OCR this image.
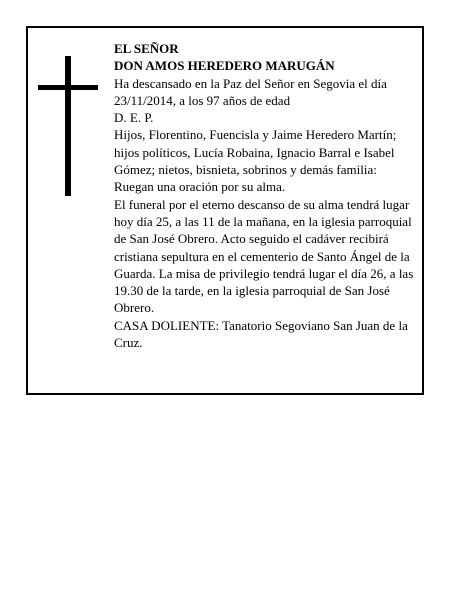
EL SEÑOR

DON AMOS HEREDERO MARUGÁN

Ha descansado en la Paz del Señor en Segovia el día 23/11/2014, a los 97 años de edad

D. E. P.

Hijos, Florentino, Fuencisla y Jaime Heredero Martín; hijos políticos, Lucía Robaina, Ignacio Barral e Isabel Gómez; nietos, bisnieta, sobrinos y demás familia:

Ruegan una oración por su alma.

El funeral por el eterno descanso de su alma tendrá lugar hoy día 25, a las 11 de la mañana, en la iglesia parroquial de San José Obrero. Acto seguido el cadáver recibirá cristiana sepultura en el cementerio de Santo Ángel de la Guarda. La misa de privilegio tendrá lugar el día 26, a las 19.30 de la tarde, en la iglesia parroquial de San José Obrero.

CASA DOLIENTE: Tanatorio Segoviano San Juan de la Cruz.
